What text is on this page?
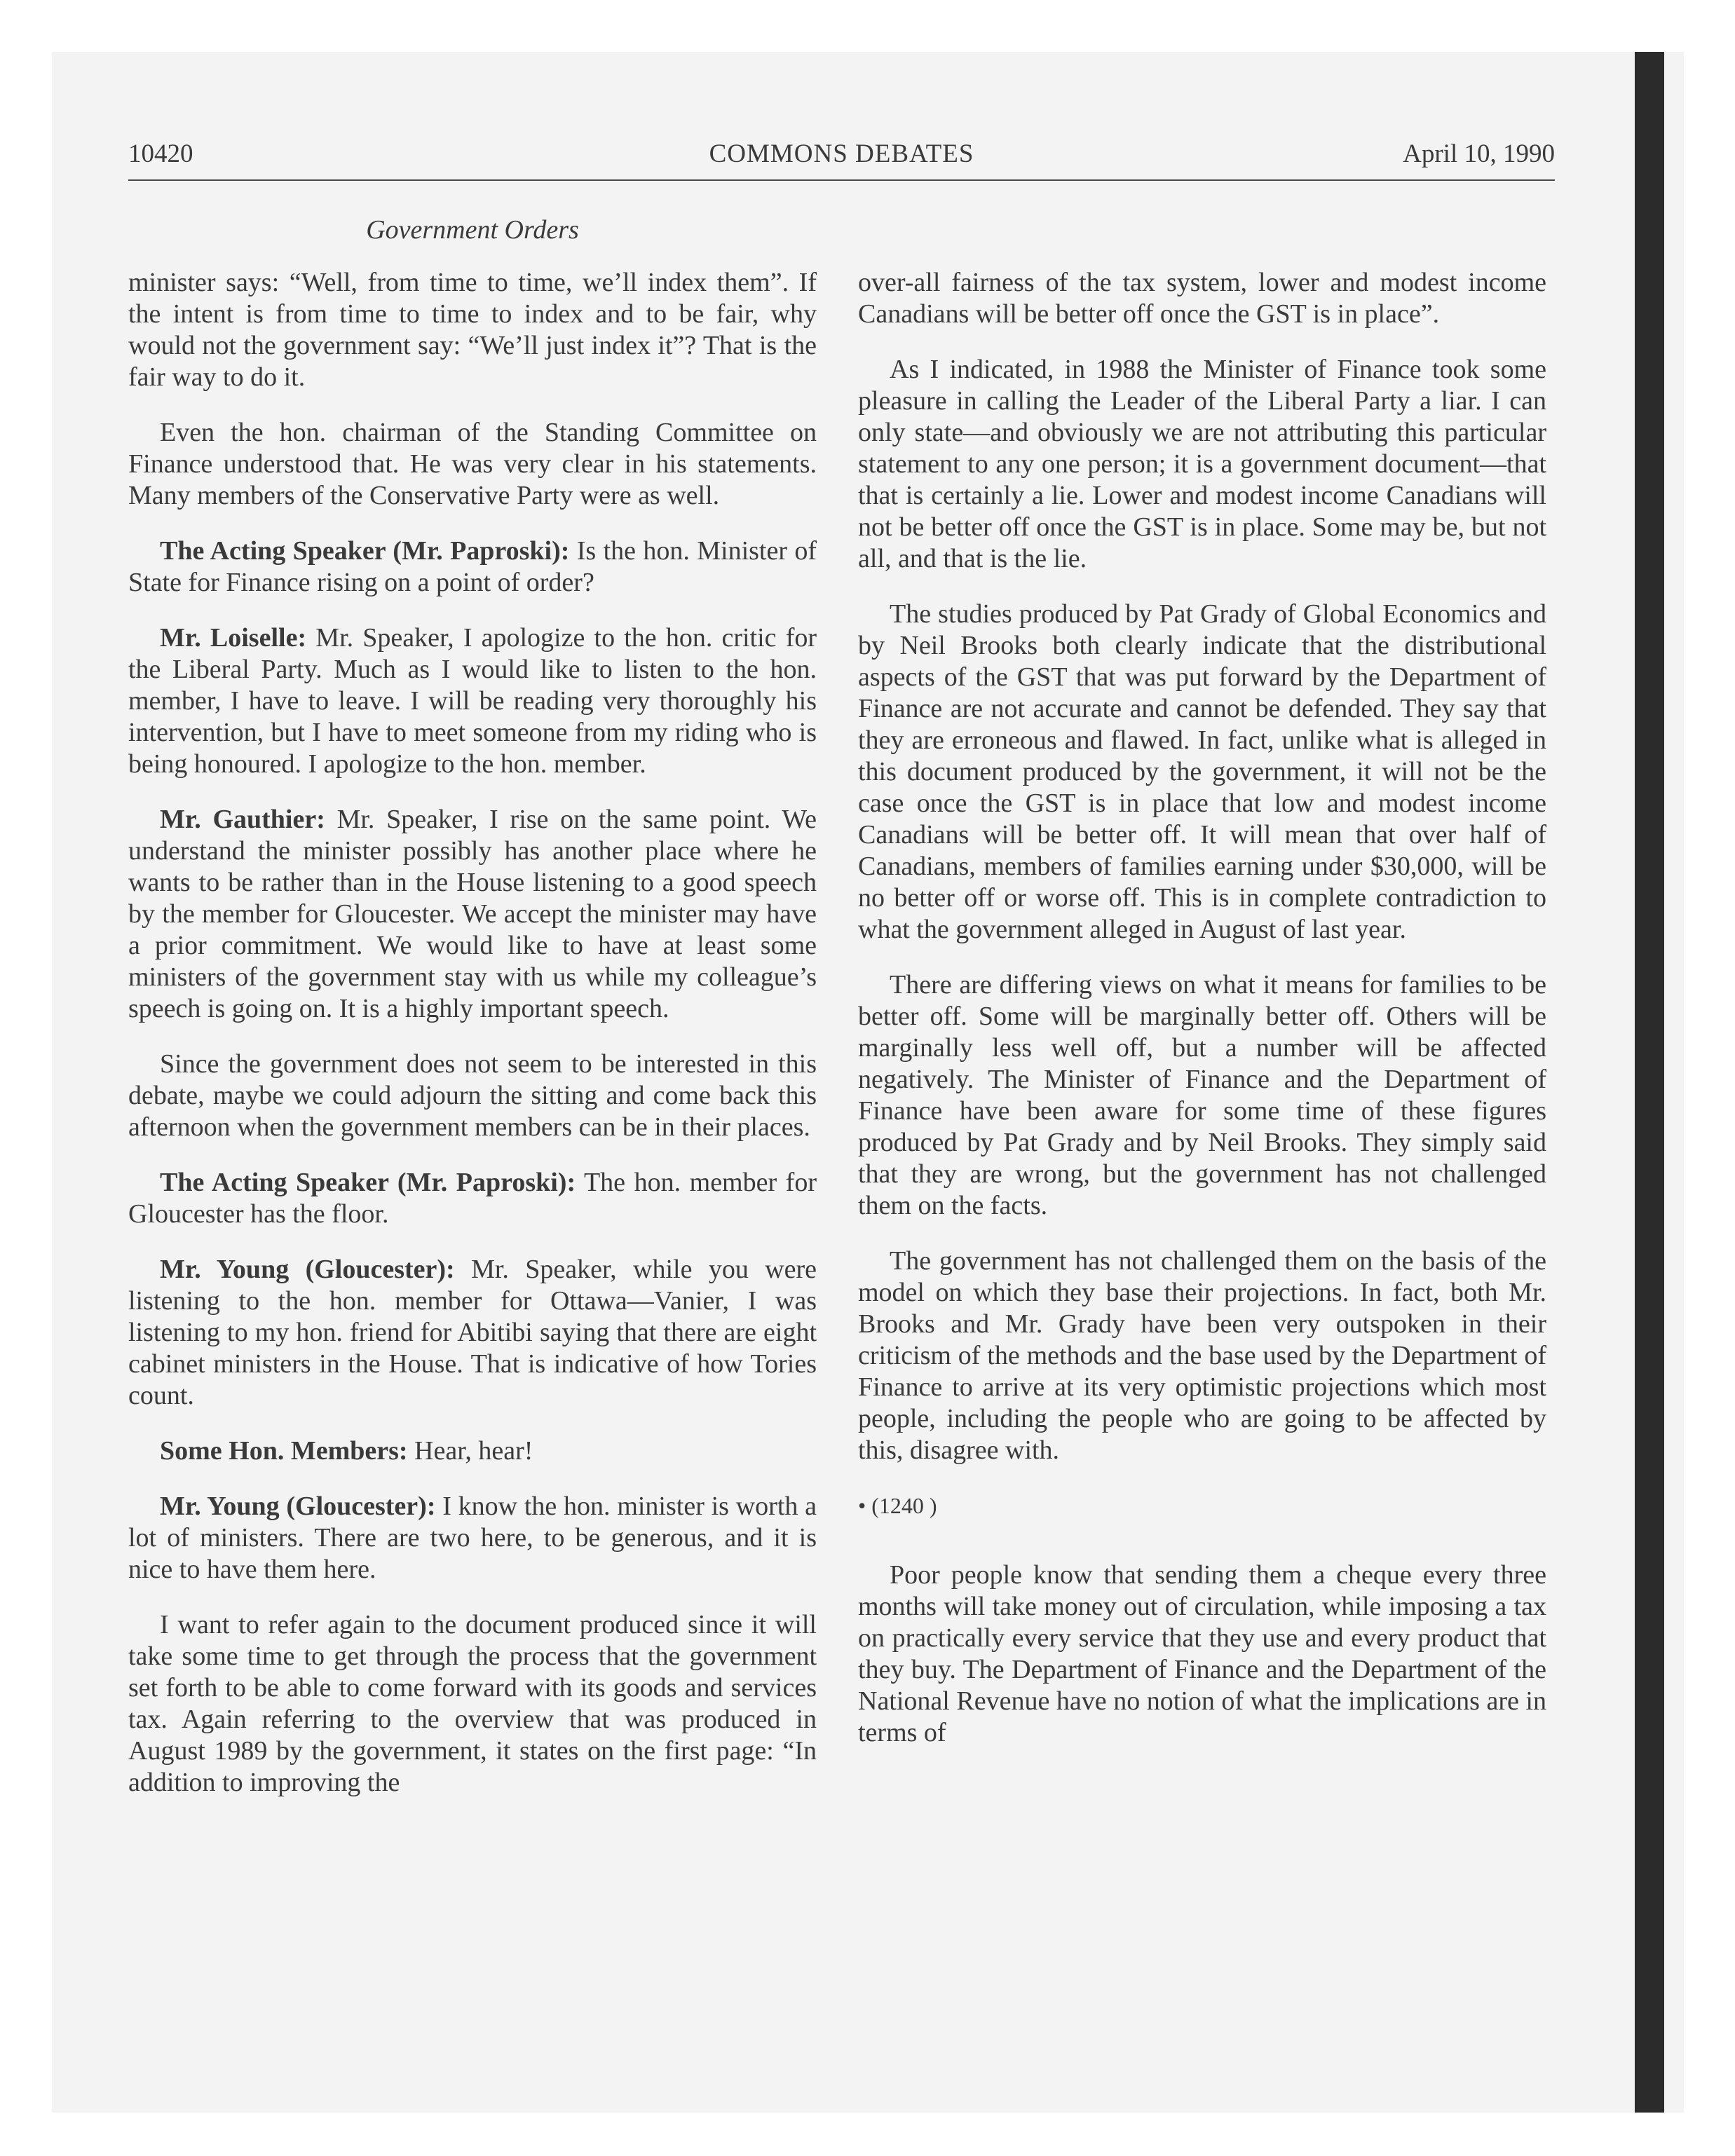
10420	COMMONS DEBATES	April 10, 1990
Government Orders

minister says: “Well, from time to time, we’ll index them”. If the intent is from time to time to index and to be fair, why would not the government say: “We’ll just index it”? That is the fair way to do it.

Even the hon. chairman of the Standing Committee on Finance understood that. He was very clear in his statements. Many members of the Conservative Party were as well.

The Acting Speaker (Mr. Paproski): Is the hon. Minister of State for Finance rising on a point of order?

Mr. Loiselle: Mr. Speaker, I apologize to the hon. critic for the Liberal Party. Much as I would like to listen to the hon. member, I have to leave. I will be reading very thoroughly his intervention, but I have to meet someone from my riding who is being honoured. I apologize to the hon. member.

Mr. Gauthier: Mr. Speaker, I rise on the same point. We understand the minister possibly has another place where he wants to be rather than in the House listening to a good speech by the member for Gloucester. We accept the minister may have a prior commitment. We would like to have at least some ministers of the government stay with us while my colleague’s speech is going on. It is a highly important speech.

Since the government does not seem to be interested in this debate, maybe we could adjourn the sitting and come back this afternoon when the government members can be in their places.

The Acting Speaker (Mr. Paproski): The hon. member for Gloucester has the floor.

Mr. Young (Gloucester): Mr. Speaker, while you were listening to the hon. member for Ottawa—Vanier, I was listening to my hon. friend for Abitibi saying that there are eight cabinet ministers in the House. That is indicative of how Tories count.

Some Hon. Members: Hear, hear!

Mr. Young (Gloucester): I know the hon. minister is worth a lot of ministers. There are two here, to be generous, and it is nice to have them here.

I want to refer again to the document produced since it will take some time to get through the process that the government set forth to be able to come forward with its goods and services tax. Again referring to the overview that was produced in August 1989 by the government, it states on the first page: “In addition to improving the

over-all fairness of the tax system, lower and modest income Canadians will be better off once the GST is in place”.

As I indicated, in 1988 the Minister of Finance took some pleasure in calling the Leader of the Liberal Party a liar. I can only state—and obviously we are not attributing this particular statement to any one person; it is a government document—that that is certainly a lie. Lower and modest income Canadians will not be better off once the GST is in place. Some may be, but not all, and that is the lie.

The studies produced by Pat Grady of Global Economics and by Neil Brooks both clearly indicate that the distributional aspects of the GST that was put forward by the Department of Finance are not accurate and cannot be defended. They say that they are erroneous and flawed. In fact, unlike what is alleged in this document produced by the government, it will not be the case once the GST is in place that low and modest income Canadians will be better off. It will mean that over half of Canadians, members of families earning under $30,000, will be no better off or worse off. This is in complete contradiction to what the government alleged in August of last year.

There are differing views on what it means for families to be better off. Some will be marginally better off. Others will be marginally less well off, but a number will be affected negatively. The Minister of Finance and the Department of Finance have been aware for some time of these figures produced by Pat Grady and by Neil Brooks. They simply said that they are wrong, but the government has not challenged them on the facts.

The government has not challenged them on the basis of the model on which they base their projections. In fact, both Mr. Brooks and Mr. Grady have been very outspoken in their criticism of the methods and the base used by the Department of Finance to arrive at its very optimistic projections which most people, including the people who are going to be affected by this, disagree with.

• (1240 )

Poor people know that sending them a cheque every three months will take money out of circulation, while imposing a tax on practically every service that they use and every product that they buy. The Department of Finance and the Department of the National Revenue have no notion of what the implications are in terms of
